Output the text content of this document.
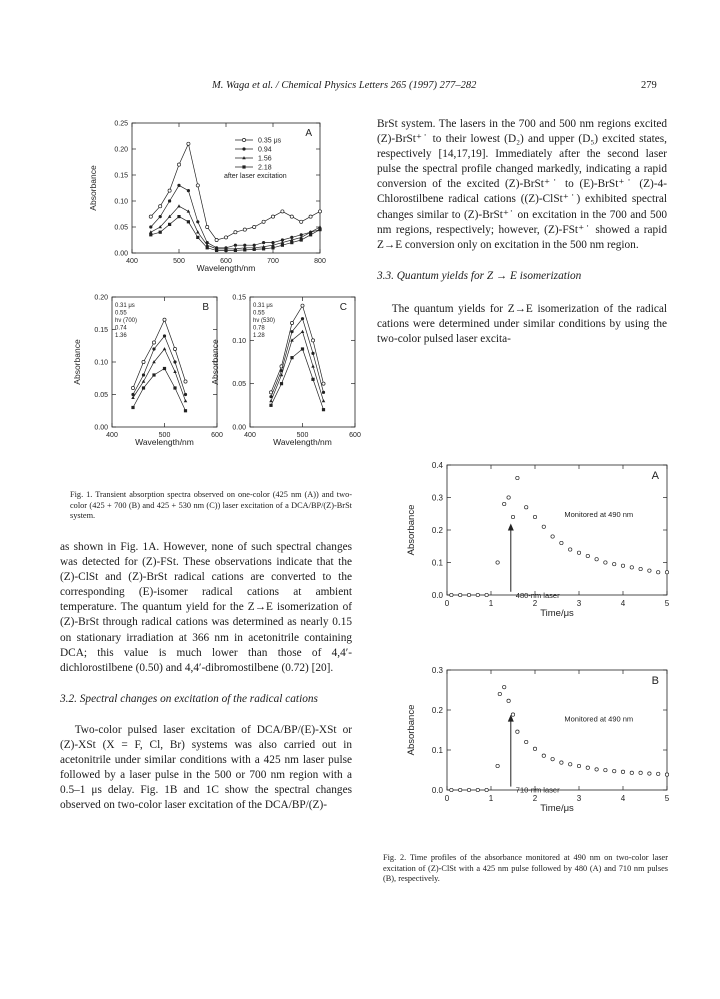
M. Waga et al. / Chemical Physics Letters 265 (1997) 277–282	279
400	500	600	700	800
0.00
0.05
0.10
0.15
0.20
0.25
Wavelength/nm
Absorbance
A
0.35 μs
0.94
1.56
2.18
after laser excitation
400	500	600
0.00
0.05
0.10
0.15
0.20
Wavelength/nm
Absorbance
B
0.31 μs
0.55
hν (700)
0.74
1.36
400	500	600
0.00
0.05
0.10
0.15
Wavelength/nm
Absorbance
C
0.31 μs
0.55
hν (530)
0.78
1.28
Fig. 1. Transient absorption spectra observed on one-color (425 nm (A)) and two-color (425 + 700 (B) and 425 + 530 nm (C)) laser excitation of a DCA/BP/(Z)-BrSt system.

as shown in Fig. 1A. However, none of such spectral changes was detected for (Z)-FSt. These observations indicate that the (Z)-ClSt and (Z)-BrSt radical cations are converted to the corresponding (E)-isomer radical cations at ambient temperature. The quantum yield for the Z→E isomerization of (Z)-BrSt through radical cations was determined as nearly 0.15 on stationary irradiation at 366 nm in acetonitrile containing DCA; this value is much lower than those of 4,4′-dichlorostilbene (0.50) and 4,4′-dibromostilbene (0.72) [20].

3.2. Spectral changes on excitation of the radical cations

Two-color pulsed laser excitation of DCA/BP/(E)-XSt or (Z)-XSt (X = F, Cl, Br) systems was also carried out in acetonitrile under similar conditions with a 425 nm laser pulse followed by a laser pulse in the 500 or 700 nm region with a 0.5–1 μs delay. Fig. 1B and 1C show the spectral changes observed on two-color laser excitation of the DCA/BP/(Z)-

BrSt system. The lasers in the 700 and 500 nm regions excited (Z)-BrSt⁺˙ to their lowest (D₂) and upper (D₅) excited states, respectively [14,17,19]. Immediately after the second laser pulse the spectral profile changed markedly, indicating a rapid conversion of the excited (Z)-BrSt⁺˙ to (E)-BrSt⁺˙ (Z)-4-Chlorostilbene radical cations ((Z)-ClSt⁺˙) exhibited spectral changes similar to (Z)-BrSt⁺˙ on excitation in the 700 and 500 nm regions, respectively; however, (Z)-FSt⁺˙ showed a rapid Z→E conversion only on excitation in the 500 nm region.

3.3. Quantum yields for Z → E isomerization

The quantum yields for Z→E isomerization of the radical cations were determined under similar conditions by using the two-color pulsed laser excita-

0	1	2	3	4	5
0.0
0.1
0.2
0.3
0.4
Time/μs
Absorbance
A
Monitored at 490 nm
480-nm laser
0	1	2	3	4	5
0.0
0.1
0.2
0.3
Time/μs
Absorbance
B
Monitored at 490 nm
710-nm laser
Fig. 2. Time profiles of the absorbance monitored at 490 nm on two-color laser excitation of (Z)-ClSt with a 425 nm pulse followed by 480 (A) and 710 nm pulses (B), respectively.
